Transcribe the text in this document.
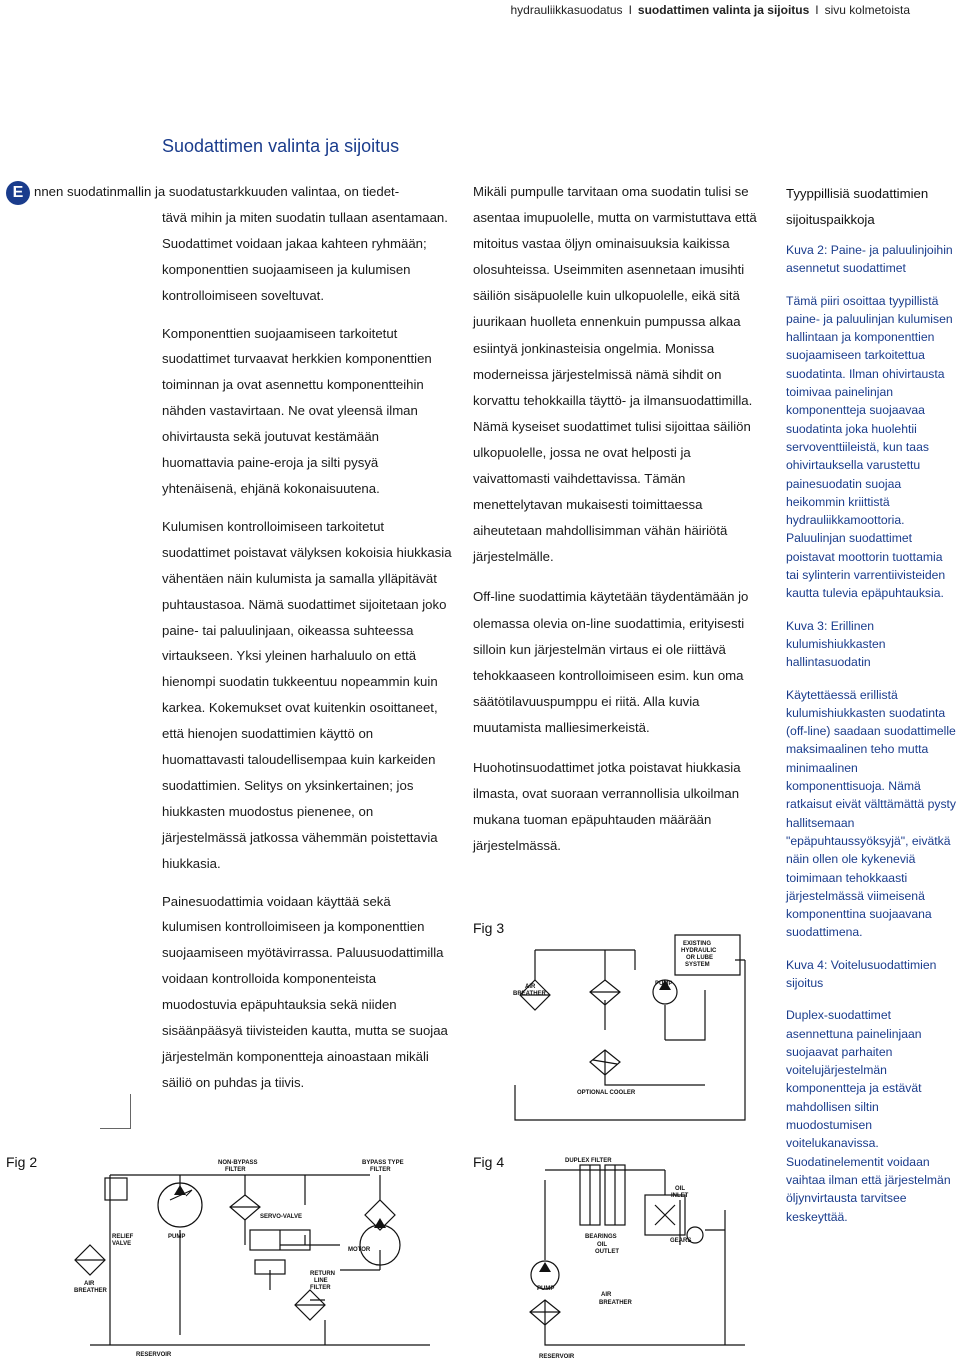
hydrauliikkasuodatus I suodattimen valinta ja sijoitus I sivu kolmetoista
Suodattimen valinta ja sijoitus
E nnen suodatinmallin ja suodatustarkkuuden valintaa, on tiedet-
tävä mihin ja miten suodatin tullaan asentamaan. Suodattimet voidaan jakaa kahteen ryhmään; komponenttien suojaamiseen ja kulumisen kontrolloimiseen soveltuvat.

Komponenttien suojaamiseen tarkoitetut suodattimet turvaavat herkkien komponenttien toiminnan ja ovat asennettu komponentteihin nähden vastavirtaan. Ne ovat yleensä ilman ohivirtausta sekä joutuvat kestämään huomattavia paine-eroja ja silti pysyä yhtenäisenä, ehjänä kokonaisuutena.

Kulumisen kontrolloimiseen tarkoitetut suodattimet poistavat välyksen kokoisia hiukkasia vähentäen näin kulumista ja samalla ylläpitävät puhtaustasoa. Nämä suodattimet sijoitetaan joko paine- tai paluulinjaan, oikeassa suhteessa virtaukseen. Yksi yleinen harhaluulo on että hienompi suodatin tukkeentuu nopeammin kuin karkea. Kokemukset ovat kuitenkin osoittaneet, että hienojen suodattimien käyttö on huomattavasti taloudellisempaa kuin karkeiden suodattimien. Selitys on yksinkertainen; jos hiukkasten muodostus pienenee, on järjestelmässä jatkossa vähemmän poistettavia hiukkasia.

Painesuodattimia voidaan käyttää sekä kulumisen kontrolloimiseen ja komponenttien suojaamiseen myötävirrassa. Paluusuodattimilla voidaan kontrolloida komponenteista muodostuvia epäpuhtauksia sekä niiden sisäänpääsyä tiivisteiden kautta, mutta se suojaa järjestelmän komponentteja ainoastaan mikäli säiliö on puhdas ja tiivis.

Mikäli pumpulle tarvitaan oma suodatin tulisi se asentaa imupuolelle, mutta on varmistuttava että mitoitus vastaa öljyn ominaisuuksia kaikissa olosuhteissa. Useimmiten asennetaan imusihti säiliön sisäpuolelle kuin ulkopuolelle, eikä sitä juurikaan huolleta ennenkuin pumpussa alkaa esiintyä jonkinasteisia ongelmia. Monissa moderneissa järjestelmissä nämä sihdit on korvattu tehokkailla täyttö- ja ilmansuodattimilla. Nämä kyseiset suodattimet tulisi sijoittaa säiliön ulkopuolelle, jossa ne ovat helposti ja vaivattomasti vaihdettavissa. Tämän menettelytavan mukaisesti toimittaessa aiheutetaan mahdollisimman vähän häiriötä järjestelmälle.

Off-line suodattimia käytetään täydentämään jo olemassa olevia on-line suodattimia, erityisesti silloin kun järjestelmän virtaus ei ole riittävä tehokkaaseen kontrolloimiseen esim. kun oma säätötilavuuspumppu ei riitä. Alla kuvia muutamista malliesimerkeistä.

Huohotinsuodattimet jotka poistavat hiukkasia ilmasta, ovat suoraan verrannollisia ulkoilman mukana tuoman epäpuhtauden määrään järjestelmässä.

Tyyppillisiä suodattimien sijoituspaikkoja

Kuva 2: Paine- ja paluulinjoihin asennetut suodattimet

Tämä piiri osoittaa tyypillistä paine- ja paluulinjan kulumisen hallintaan ja komponenttien suojaamiseen tarkoitettua suodatinta. Ilman ohivirtausta toimivaa painelinjan komponentteja suojaavaa suodatinta joka huolehtii servoventtiileistä, kun taas ohivirtauksella varustettu painesuodatin suojaa heikommin kriittistä hydrauliikkamoottoria. Paluulinjan suodattimet poistavat moottorin tuottamia tai sylinterin varrentiivisteiden kautta tulevia epäpuhtauksia.

Kuva 3: Erillinen kulumishiukkasten hallintasuodatin

Käytettäessä erillistä kulumishiukkasten suodatinta (off-line) saadaan suodattimelle maksimaalinen teho mutta minimaalinen komponenttisuoja. Nämä ratkaisut eivät välttämättä pysty hallitsemaan "epäpuhtaussyöksyjä", eivätkä näin ollen ole kykeneviä toimimaan tehokkaasti järjestelmässä viimeisenä komponenttina suojaavana suodattimena.

Kuva 4: Voitelusuodattimien sijoitus

Duplex-suodattimet asennettuna painelinjaan suojaavat parhaiten voitelujärjestelmän komponentteja ja estävät mahdollisen siltin muodostumisen voitelukanavissa. Suodatinelementit voidaan vaihtaa ilman että järjestelmän öljynvirtausta tarvitsee keskeyttää.

Fig 2
Fig 3
Fig 4
NON-BYPASS
FILTER
BYPASS TYPE
FILTER
SERVO-VALVE
PUMP
RELIEF
VALVE
MOTOR
AIR
BREATHER
RETURN
LINE
FILTER
RESERVOIR
EXISTING
HYDRAULIC
OR LUBE
SYSTEM
AIR
BREATHER
PUMP
OPTIONAL COOLER
DUPLEX FILTER
OIL
INLET
BEARINGS
OIL
OUTLET
GEARS
AIR
BREATHER
PUMP
RESERVOIR
